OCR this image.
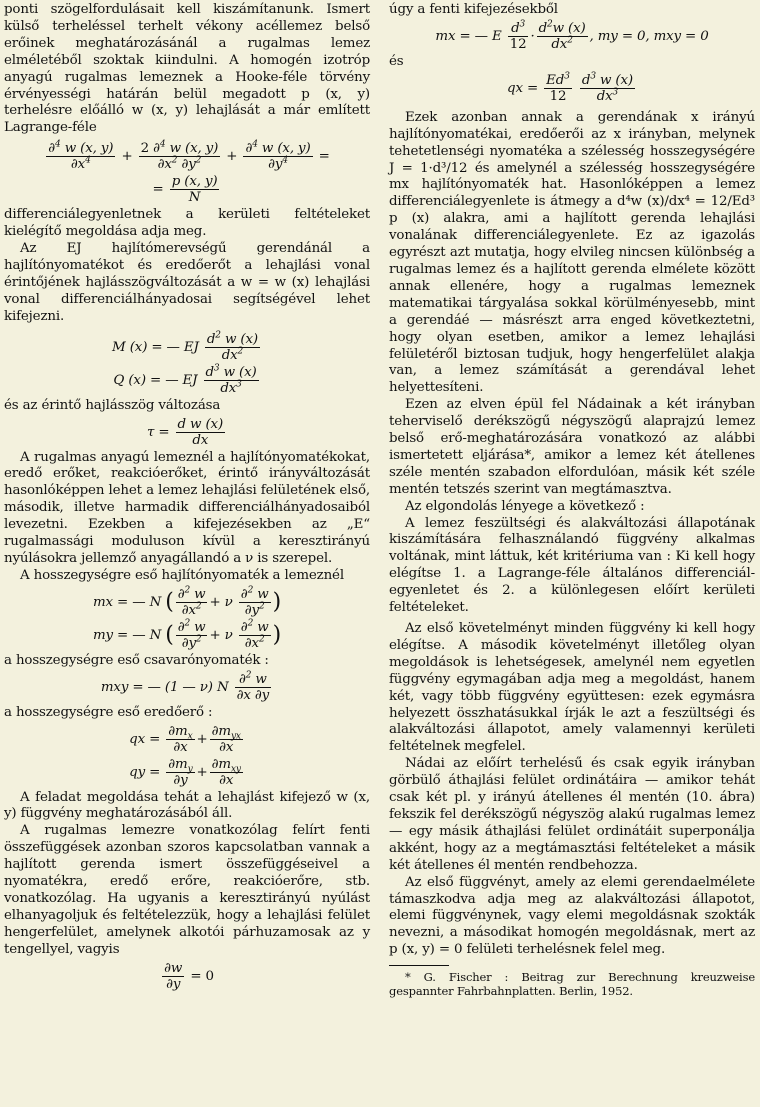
ponti szögelfordulásait kell kiszámítanunk. Ismert külső terheléssel terhelt vékony acéllemez belső erőinek meghatározásánál a rugalmas lemez elméletéből szoktak kiindulni. A homogén izotróp anyagú rugalmas lemeznek a Hooke-féle törvény érvényességi határán belül megadott p (x, y) terhelésre előálló w (x, y) lehajlását a már említett Lagrange-féle

$\frac{\partial^4 w (x, y)}{\partial x^4} + \frac{2 \partial^4 w (x, y)}{\partial x^2 \partial y^2} + \frac{\partial^4 w (x, y)}{\partial y^4}$ =
= $\frac{p (x, y)}{N}$

differenciálegyenletnek a kerületi feltételeket kielégítő megoldása adja meg.

Az EJ hajlítómerevségű gerendánál a hajlítónyomatékot és eredőerőt a lehajlási vonal érintőjének hajlásszögváltozását a w = w (x) lehajlási vonal differenciálhányadosai segítségével lehet kifejezni.

M (x) = — EJ $\frac{d^2 w (x)}{dx^2}$
Q (x) = — EJ $\frac{d^3 w (x)}{dx^3}$

és az érintő hajlásszög változása

$\tau = \frac{\text{d w (x)}}{dx}$

A rugalmas anyagú lemeznél a hajlítónyomatékokat, eredő erőket, reakcióerőket, érintő irányváltozását hasonlóképpen lehet a lemez lehajlási felületének első, második, illetve harmadik differenciálhányadosaiból levezetni. Ezekben a kifejezésekben az „E“ rugalmassági moduluson kívül a keresztirányú nyúlásokra jellemző anyagállandó a ν is szerepel.

A hosszegységre eső hajlítónyomaték a lemeznél

mx = — N ( $\frac{\partial^2 w}{\partial x^2} + \nu \frac{\partial^2 w}{\partial y^2}$ )
my = — N ( $\frac{\partial^2 w}{\partial y^2} + \nu \frac{\partial^2 w}{\partial x^2}$ )

a hosszegységre eső csavarónyomaték :

mxy = — (1 — ν) N $\frac{\partial^2 w}{\partial x \partial y}$

a hosszegységre eső eredőerő :

qx = $\frac{\partial m_x}{\partial x} + \frac{\partial m_{yx}}{\partial x}$
qy = $\frac{\partial m_y}{\partial y} + \frac{\partial m_{xy}}{\partial x}$

A feladat megoldása tehát a lehajlást kifejező w (x, y) függvény meghatározásából áll.

A rugalmas lemezre vonatkozólag felírt fenti összefüggések azonban szoros kapcsolatban vannak a hajlított gerenda ismert összefüggéseivel a nyomatékra, eredő erőre, reakcióerőre, stb. vonatkozólag. Ha ugyanis a keresztirányú nyúlást elhanyagoljuk és feltételezzük, hogy a lehajlási felület hengerfelület, amelynek alkotói párhuzamosak az y tengellyel, vagyis

$\frac{\partial w}{\partial y} = 0$

úgy a fenti kifejezésekből

mx = — E $\frac{d^3}{12} \cdot \frac{d^2w (x)}{dx^2}$ , my = 0, mxy = 0

és

qx = $\frac{Ed^3}{12}$
$\frac{d^3 w (x)}{dx^3}$

Ezek azonban annak a gerendának x irányú hajlítónyomatékai, eredőerői az x irányban, melynek tehetetlenségi nyomatéka a szélesség hosszegységére J = 1·d³/12 és amelynél a szélesség hosszegységére mx hajlítónyomaték hat. Hasonlóképpen a lemez differenciálegyenlete is átmegy a d⁴w (x)/dx⁴ = 12/Ed³ p (x) alakra, ami a hajlított gerenda lehajlási vonalának differenciálegyenlete. Ez az igazolás egyrészt azt mutatja, hogy elvileg nincsen különbség a rugalmas lemez és a hajlított gerenda elmélete között annak ellenére, hogy a rugalmas lemeznek matematikai tárgyalása sokkal körülményesebb, mint a gerendáé — másrészt arra enged következtetni, hogy olyan esetben, amikor a lemez lehajlási felületéről biztosan tudjuk, hogy hengerfelület alakja van, a lemez számítását a gerendával lehet helyettesíteni.

Ezen az elven épül fel Nádainak a két irányban teherviselő derékszögű négyszögű alaprajzú lemez belső erő-meghatározására vonatkozó az alábbi ismertetett eljárása*, amikor a lemez két átellenes széle mentén szabadon elfordulóan, másik két széle mentén tetszés szerint van megtámasztva.

Az elgondolás lényege a következő :

A lemez feszültségi és alakváltozási állapotának kiszámítására felhasználandó függvény alkalmas voltának, mint láttuk, két kritériuma van : Ki kell hogy elégítse 1. a Lagrange-féle általános differenciál-egyenletet és 2. a különlegesen előírt kerületi feltételeket.

Az első követelményt minden függvény ki kell hogy elégítse. A második követelményt illetőleg olyan megoldások is lehetségesek, amelynél nem egyetlen függvény egymagában adja meg a megoldást, hanem két, vagy több függvény együttesen: ezek egymásra helyezett összhatásukkal írják le azt a feszültségi és alakváltozási állapotot, amely valamennyi kerületi feltételnek megfelel.

Nádai az előírt terhelésű és csak egyik irányban görbülő áthajlási felület ordinátáira — amikor tehát csak két pl. y irányú átellenes él mentén (10. ábra) fekszik fel derékszögű négyszög alakú rugalmas lemez — egy másik áthajlási felület ordinátáit superponálja akként, hogy az a megtámasztási feltételeket a másik két átellenes él mentén rendbehozza.

Az első függvényt, amely az elemi gerendaelmélete támaszkodva adja meg az alakváltozási állapotot, elemi függvénynek, vagy elemi megoldásnak szokták nevezni, a másodikat homogén megoldásnak, mert az p (x, y) = 0 felületi terhelésnek felel meg.

* G. Fischer : Beitrag zur Berechnung kreuzweise gespannter Fahrbahnplatten. Berlin, 1952.
